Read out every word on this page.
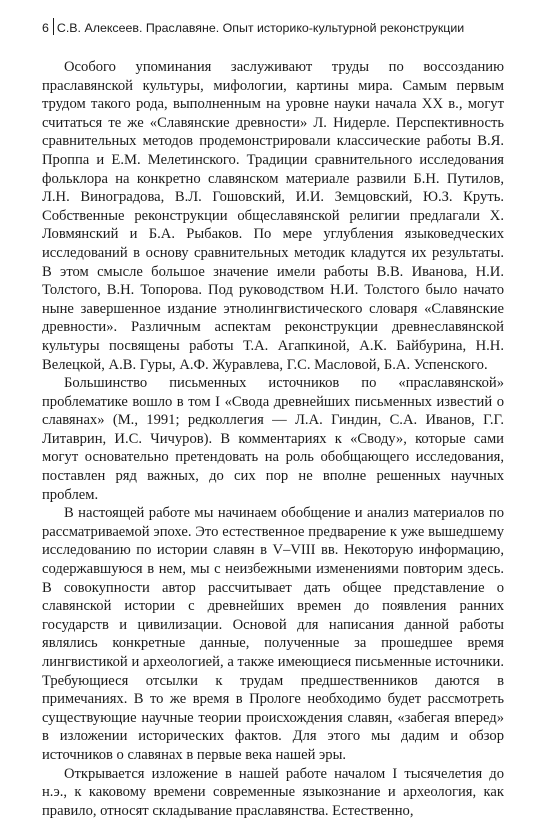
6 С.В. Алексеев. Праславяне. Опыт историко-культурной реконструкции

Особого упоминания заслуживают труды по воссозданию праславянской культуры, мифологии, картины мира. Самым первым трудом такого рода, выполненным на уровне науки начала XX в., могут считаться те же «Славянские древности» Л. Нидерле. Перспективность сравнительных методов продемонстрировали классические работы В.Я. Проппа и Е.М. Мелетинского. Традиции сравнительного исследования фольклора на конкретно славянском материале развили Б.Н. Путилов, Л.Н. Виноградова, В.Л. Гошовский, И.И. Земцовский, Ю.З. Круть. Собственные реконструкции общеславянской религии предлагали Х. Ловмянский и Б.А. Рыбаков. По мере углубления языковедческих исследований в основу сравнительных методик кладутся их результаты. В этом смысле большое значение имели работы В.В. Иванова, Н.И. Толстого, В.Н. Топорова. Под руководством Н.И. Толстого было начато ныне завершенное издание этнолингвистического словаря «Славянские древности». Различным аспектам реконструкции древнеславянской культуры посвящены работы Т.А. Агапкиной, А.К. Байбурина, Н.Н. Велецкой, А.В. Гуры, А.Ф. Журавлева, Г.С. Масловой, Б.А. Успенского.

Большинство письменных источников по «праславянской» проблематике вошло в том I «Свода древнейших письменных известий о славянах» (М., 1991; редколлегия — Л.А. Гиндин, С.А. Иванов, Г.Г. Литаврин, И.С. Чичуров). В комментариях к «Своду», которые сами могут основательно претендовать на роль обобщающего исследования, поставлен ряд важных, до сих пор не вполне решенных научных проблем.

В настоящей работе мы начинаем обобщение и анализ материалов по рассматриваемой эпохе. Это естественное предварение к уже вышедшему исследованию по истории славян в V–VIII вв. Некоторую информацию, содержавшуюся в нем, мы с неизбежными изменениями повторим здесь. В совокупности автор рассчитывает дать общее представление о славянской истории с древнейших времен до появления ранних государств и цивилизации. Основой для написания данной работы являлись конкретные данные, полученные за прошедшее время лингвистикой и археологией, а также имеющиеся письменные источники. Требующиеся отсылки к трудам предшественников даются в примечаниях. В то же время в Прологе необходимо будет рассмотреть существующие научные теории происхождения славян, «забегая вперед» в изложении исторических фактов. Для этого мы дадим и обзор источников о славянах в первые века нашей эры.

Открывается изложение в нашей работе началом I тысячелетия до н.э., к каковому времени современные языкознание и археология, как правило, относят складывание праславянства. Естественно,
